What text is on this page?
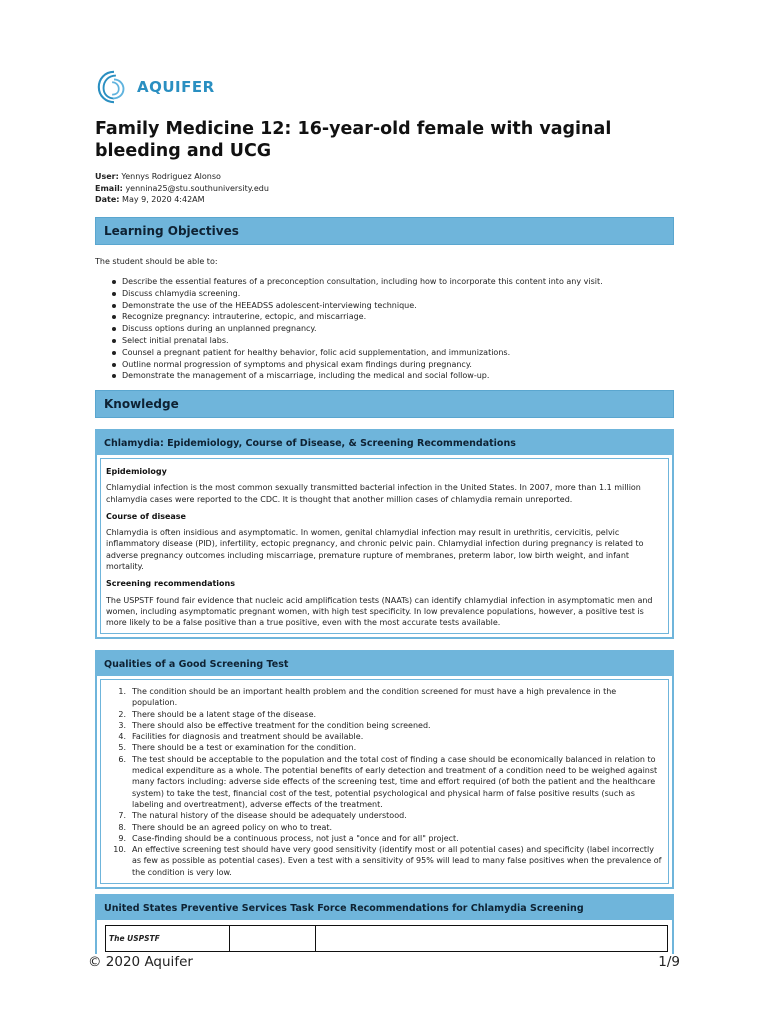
AQUIFER
Family Medicine 12: 16-year-old female with vaginal bleeding and UCG
User: Yennys Rodriguez Alonso
Email: yennina25@stu.southuniversity.edu
Date: May 9, 2020 4:42AM
Learning Objectives
The student should be able to:
Describe the essential features of a preconception consultation, including how to incorporate this content into any visit.
Discuss chlamydia screening.
Demonstrate the use of the HEEADSS adolescent-interviewing technique.
Recognize pregnancy: intrauterine, ectopic, and miscarriage.
Discuss options during an unplanned pregnancy.
Select initial prenatal labs.
Counsel a pregnant patient for healthy behavior, folic acid supplementation, and immunizations.
Outline normal progression of symptoms and physical exam findings during pregnancy.
Demonstrate the management of a miscarriage, including the medical and social follow-up.
Knowledge
Chlamydia: Epidemiology, Course of Disease, & Screening Recommendations
Epidemiology

Chlamydial infection is the most common sexually transmitted bacterial infection in the United States. In 2007, more than 1.1 million chlamydia cases were reported to the CDC. It is thought that another million cases of chlamydia remain unreported.

Course of disease

Chlamydia is often insidious and asymptomatic. In women, genital chlamydial infection may result in urethritis, cervicitis, pelvic inflammatory disease (PID), infertility, ectopic pregnancy, and chronic pelvic pain. Chlamydial infection during pregnancy is related to adverse pregnancy outcomes including miscarriage, premature rupture of membranes, preterm labor, low birth weight, and infant mortality.

Screening recommendations

The USPSTF found fair evidence that nucleic acid amplification tests (NAATs) can identify chlamydial infection in asymptomatic men and women, including asymptomatic pregnant women, with high test specificity. In low prevalence populations, however, a positive test is more likely to be a false positive than a true positive, even with the most accurate tests available.

Qualities of a Good Screening Test
1. The condition should be an important health problem and the condition screened for must have a high prevalence in the population.
2. There should be a latent stage of the disease.
3. There should also be effective treatment for the condition being screened.
4. Facilities for diagnosis and treatment should be available.
5. There should be a test or examination for the condition.
6. The test should be acceptable to the population and the total cost of finding a case should be economically balanced in relation to medical expenditure as a whole. The potential benefits of early detection and treatment of a condition need to be weighed against many factors including: adverse side effects of the screening test, time and effort required (of both the patient and the healthcare system) to take the test, financial cost of the test, potential psychological and physical harm of false positive results (such as labeling and overtreatment), adverse effects of the treatment.
7. The natural history of the disease should be adequately understood.
8. There should be an agreed policy on who to treat.
9. Case-finding should be a continuous process, not just a "once and for all" project.
10. An effective screening test should have very good sensitivity (identify most or all potential cases) and specificity (label incorrectly as few as possible as potential cases). Even a test with a sensitivity of 95% will lead to many false positives when the prevalence of the condition is very low.
United States Preventive Services Task Force Recommendations for Chlamydia Screening
The USPSTF		
© 2020 Aquifer	1/9
